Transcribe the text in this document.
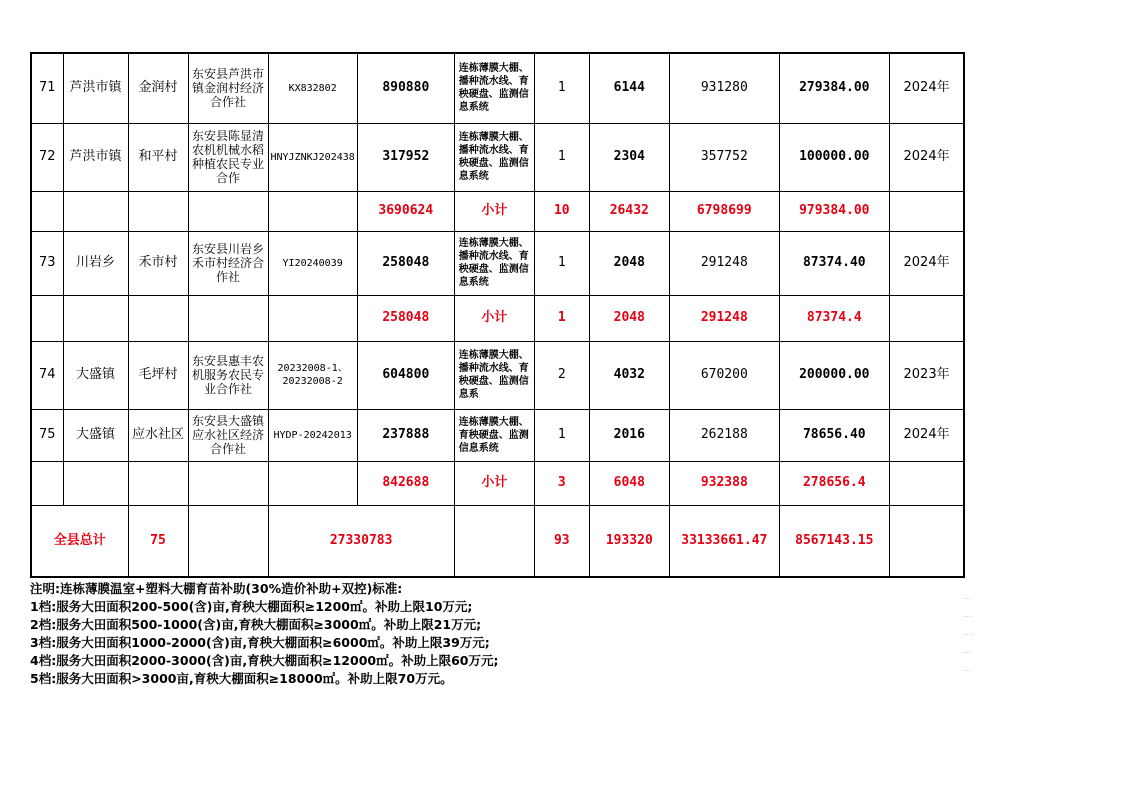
71	芦洪市镇	金润村	东安县芦洪市镇金润村经济合作社	KX832802	890880	连栋薄膜大棚、播种流水线、育秧硬盘、监测信息系统	1	6144	931280	279384.00	2024年
72	芦洪市镇	和平村	东安县陈显清农机机械水稻种植农民专业合作	HNYJZNKJ202438	317952	连栋薄膜大棚、播种流水线、育秧硬盘、监测信息系统	1	2304	357752	100000.00	2024年
					3690624	小计	10	26432	6798699	979384.00	
73	川岩乡	禾市村	东安县川岩乡禾市村经济合作社	YI20240039	258048	连栋薄膜大棚、播种流水线、育秧硬盘、监测信息系统	1	2048	291248	87374.40	2024年
					258048	小计	1	2048	291248	87374.4	
74	大盛镇	毛坪村	东安县惠丰农机服务农民专业合作社	20232008-1、20232008-2	604800	连栋薄膜大棚、播种流水线、育秧硬盘、监测信息系	2	4032	670200	200000.00	2023年
75	大盛镇	应水社区	东安县大盛镇应水社区经济合作社	HYDP-20242013	237888	连栋薄膜大棚、育秧硬盘、监测信息系统	1	2016	262188	78656.40	2024年
					842688	小计	3	6048	932388	278656.4	
全县总计		75		27330783			93	193320	33133661.47	8567143.15	
注明:连栋薄膜温室+塑料大棚育苗补助(30%造价补助+双控)标准:
1档:服务大田面积200-500(含)亩,育秧大棚面积≥1200㎡。补助上限10万元;
2档:服务大田面积500-1000(含)亩,育秧大棚面积≥3000㎡。补助上限21万元;
3档:服务大田面积1000-2000(含)亩,育秧大棚面积≥6000㎡。补助上限39万元;
4档:服务大田面积2000-3000(含)亩,育秧大棚面积≥12000㎡。补助上限60万元;
5档:服务大田面积>3000亩,育秧大棚面积≥18000㎡。补助上限70万元。
